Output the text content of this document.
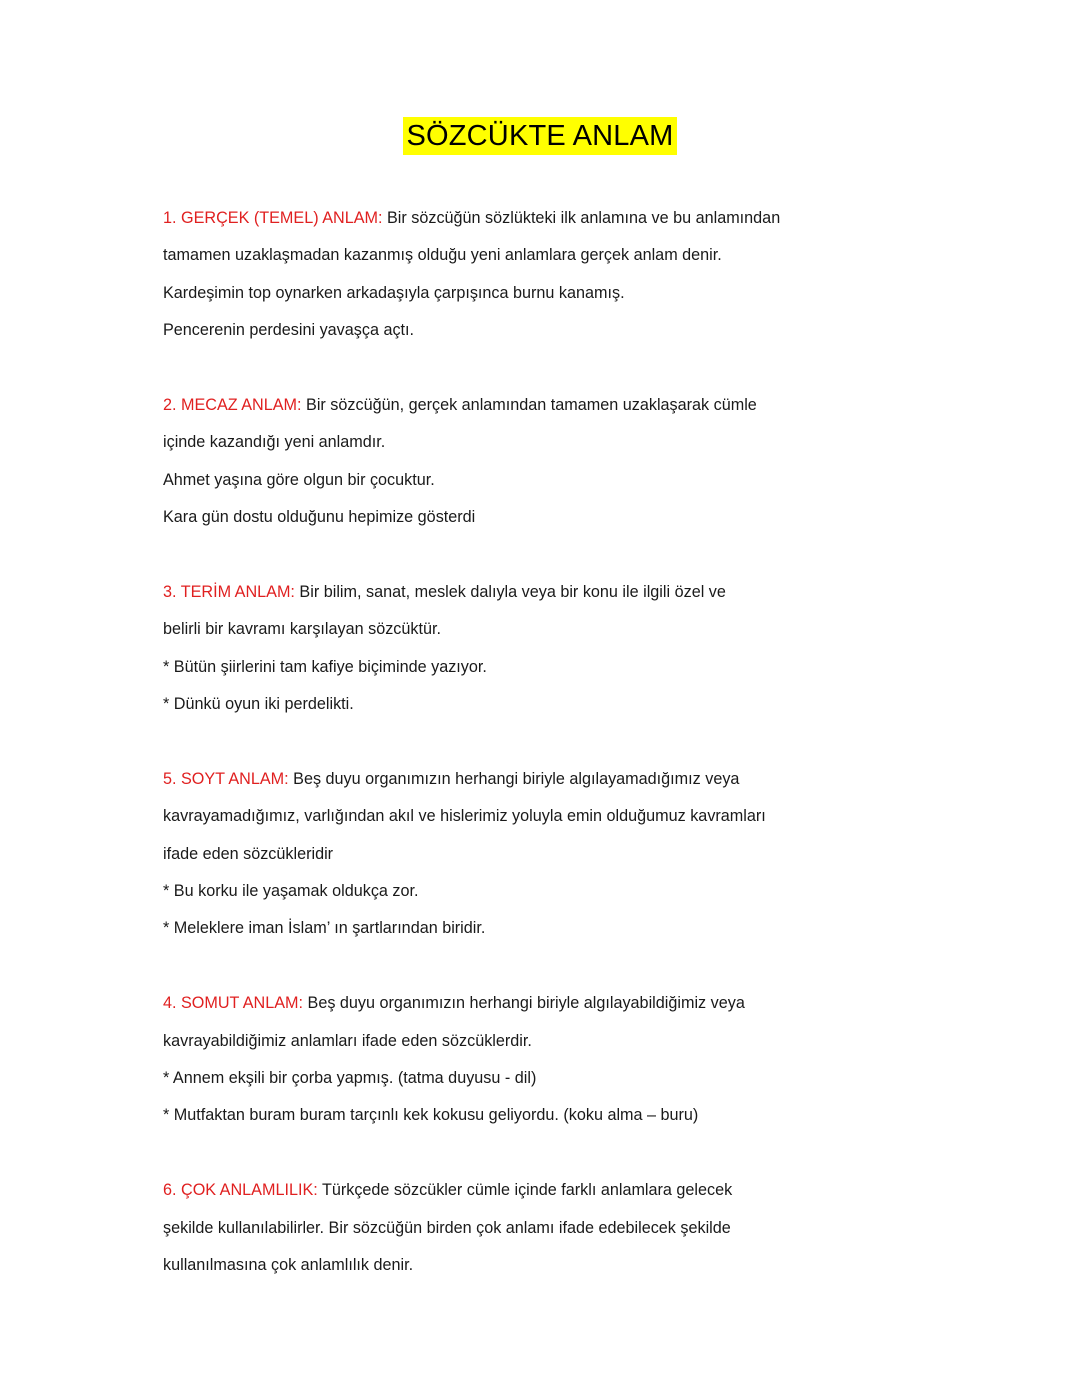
SÖZCÜKTE ANLAM
1. GERÇEK (TEMEL) ANLAM: Bir sözcüğün sözlükteki ilk anlamına ve bu anlamından
tamamen uzaklaşmadan kazanmış olduğu yeni anlamlara gerçek anlam denir.
Kardeşimin top oynarken arkadaşıyla çarpışınca burnu kanamış.
Pencerenin perdesini yavaşça açtı.
2. MECAZ ANLAM: Bir sözcüğün, gerçek anlamından tamamen uzaklaşarak cümle
içinde kazandığı yeni anlamdır.
Ahmet yaşına göre olgun bir çocuktur.
Kara gün dostu olduğunu hepimize gösterdi
3. TERİM ANLAM: Bir bilim, sanat, meslek dalıyla veya bir konu ile ilgili özel ve
belirli bir kavramı karşılayan sözcüktür.
* Bütün şiirlerini tam kafiye biçiminde yazıyor.
* Dünkü oyun iki perdelikti.
5. SOYT ANLAM: Beş duyu organımızın herhangi biriyle algılayamadığımız veya
kavrayamadığımız, varlığından akıl ve hislerimiz yoluyla emin olduğumuz kavramları
ifade eden sözcükleridir
* Bu korku ile yaşamak oldukça zor.
* Meleklere iman İslam’ ın şartlarından biridir.
4. SOMUT ANLAM: Beş duyu organımızın herhangi biriyle algılayabildiğimiz veya
kavrayabildiğimiz anlamları ifade eden sözcüklerdir.
* Annem ekşili bir çorba yapmış. (tatma duyusu - dil)
* Mutfaktan buram buram tarçınlı kek kokusu geliyordu. (koku alma – buru)
6. ÇOK ANLAMLILIK: Türkçede sözcükler cümle içinde farklı anlamlara gelecek
şekilde kullanılabilirler. Bir sözcüğün birden çok anlamı ifade edebilecek şekilde
kullanılmasına çok anlamlılık denir.
